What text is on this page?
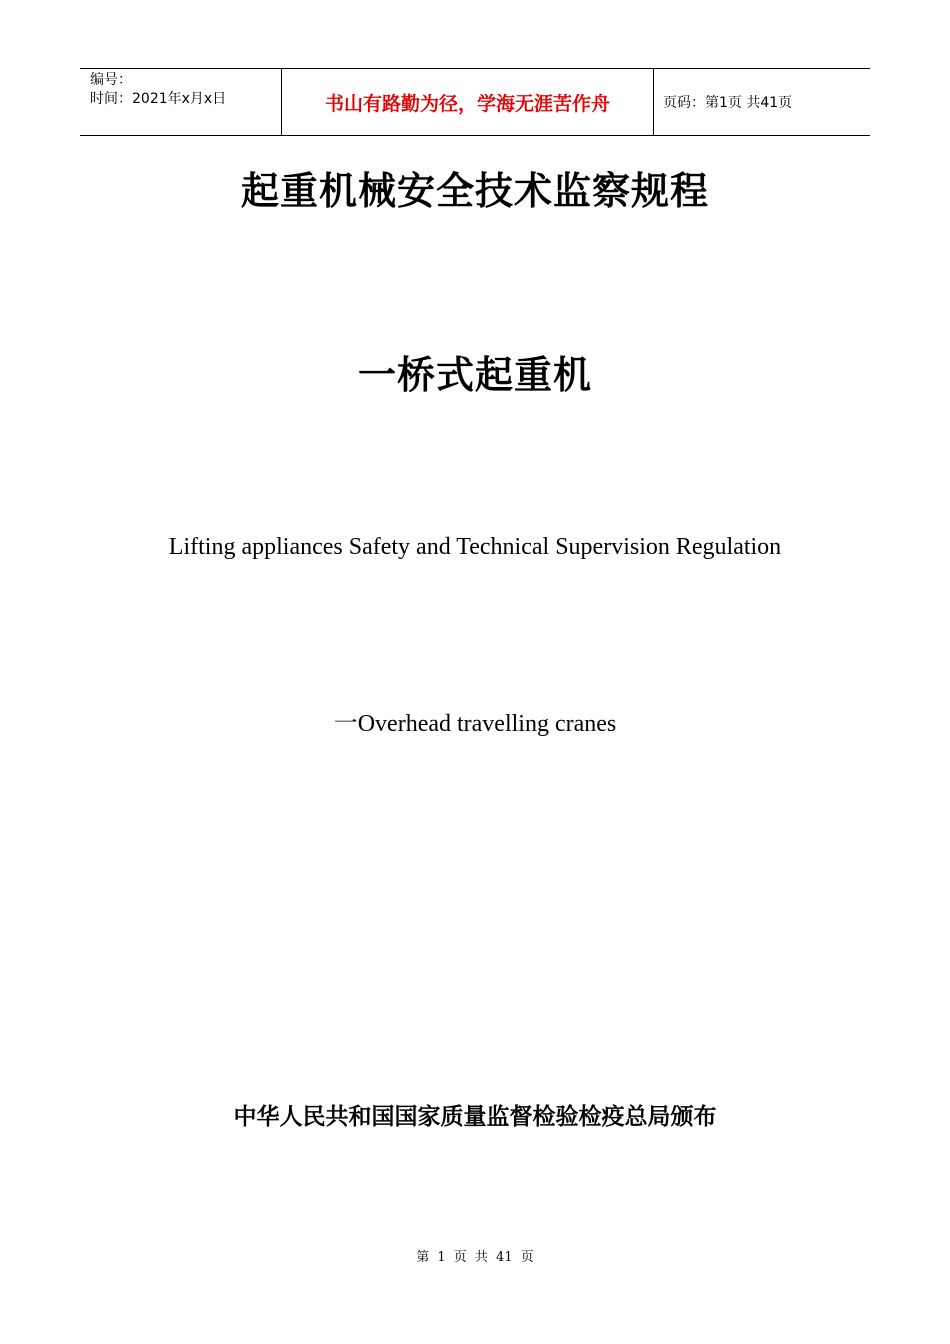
编号：
时间：2021年x月x日	书山有路勤为径，学海无涯苦作舟	页码：第1页 共41页
起重机械安全技术监察规程
一桥式起重机
Lifting appliances Safety and Technical Supervision Regulation
一Overhead travelling cranes
中华人民共和国国家质量监督检验检疫总局颁布
第 1 页 共 41 页
